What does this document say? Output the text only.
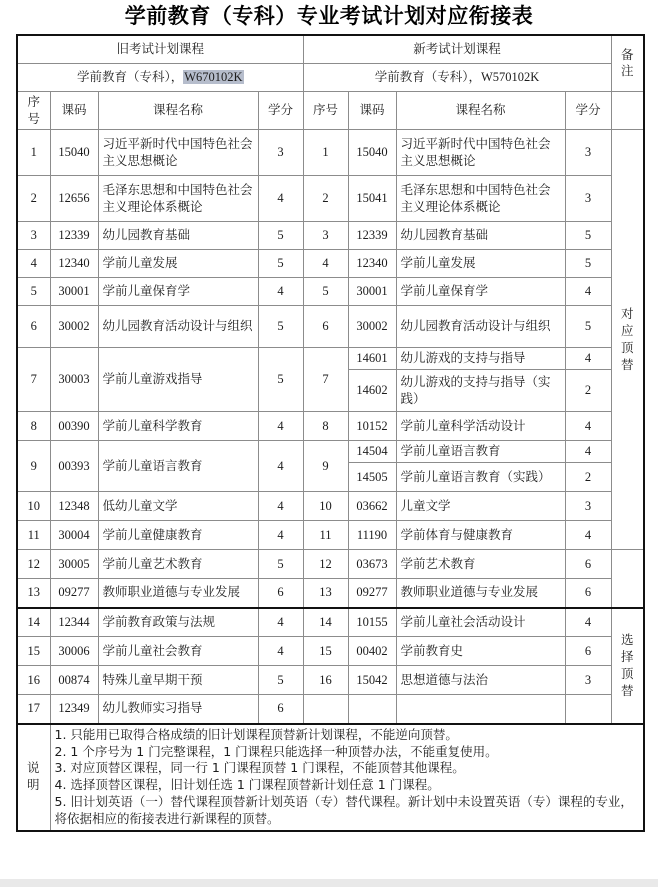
学前教育（专科）专业考试计划对应衔接表
旧考试计划课程				新考试计划课程				备注
学前教育（专科），W670102K				学前教育（专科），W570102K				
序号	课码	课程名称	学分	序号	课码	课程名称	学分	
1	15040	习近平新时代中国特色社会主义思想概论	3	1	15040	习近平新时代中国特色社会主义思想概论	3	对应
顶替

2	12656	毛泽东思想和中国特色社会主义理论体系概论	4	2	15041	毛泽东思想和中国特色社会主义理论体系概论	3	
3	12339	幼儿园教育基础	5	3	12339	幼儿园教育基础	5	
4	12340	学前儿童发展	5	4	12340	学前儿童发展	5	
5	30001	学前儿童保育学	4	5	30001	学前儿童保育学	4	
6	30002	幼儿园教育活动设计与组织	5	6	30002	幼儿园教育活动设计与组织	5	
7	30003	学前儿童游戏指导	5	7	14601	幼儿游戏的支持与指导	4	
					14602	幼儿游戏的支持与指导（实践）	2	
8	00390	学前儿童科学教育	4	8	10152	学前儿童科学活动设计	4	
9	00393	学前儿童语言教育	4	9	14504	学前儿童语言教育	4	
					14505	学前儿童语言教育（实践）	2	
10	12348	低幼儿童文学	4	10	03662	儿童文学	3	
11	30004	学前儿童健康教育	4	11	11190	学前体育与健康教育	4	
12	30005	学前儿童艺术教育	5	12	03673	学前艺术教育	6	
13	09277	教师职业道德与专业发展	6	13	09277	教师职业道德与专业发展	6	
14	12344	学前教育政策与法规	4	14	10155	学前儿童社会活动设计	4	选择
顶替

15	30006	学前儿童社会教育	4	15	00402	学前教育史	6	
16	00874	特殊儿童早期干预	5	16	15042	思想道德与法治	3	
17	12349	幼儿教师实习指导	6					

说
明

1. 只能用已取得合格成绩的旧计划课程顶替新计划课程，不能逆向顶替。

2. 1 个序号为 1 门完整课程，1 门课程只能选择一种顶替办法，不能重复使用。

3. 对应顶替区课程，同一行 1 门课程顶替 1 门课程，不能顶替其他课程。

4. 选择顶替区课程，旧计划任选 1 门课程顶替新计划任意 1 门课程。

5. 旧计划英语（一）替代课程顶替新计划英语（专）替代课程。新计划中未设置英语（专）课程的专业，将依据相应的衔接表进行新课程的顶替。
